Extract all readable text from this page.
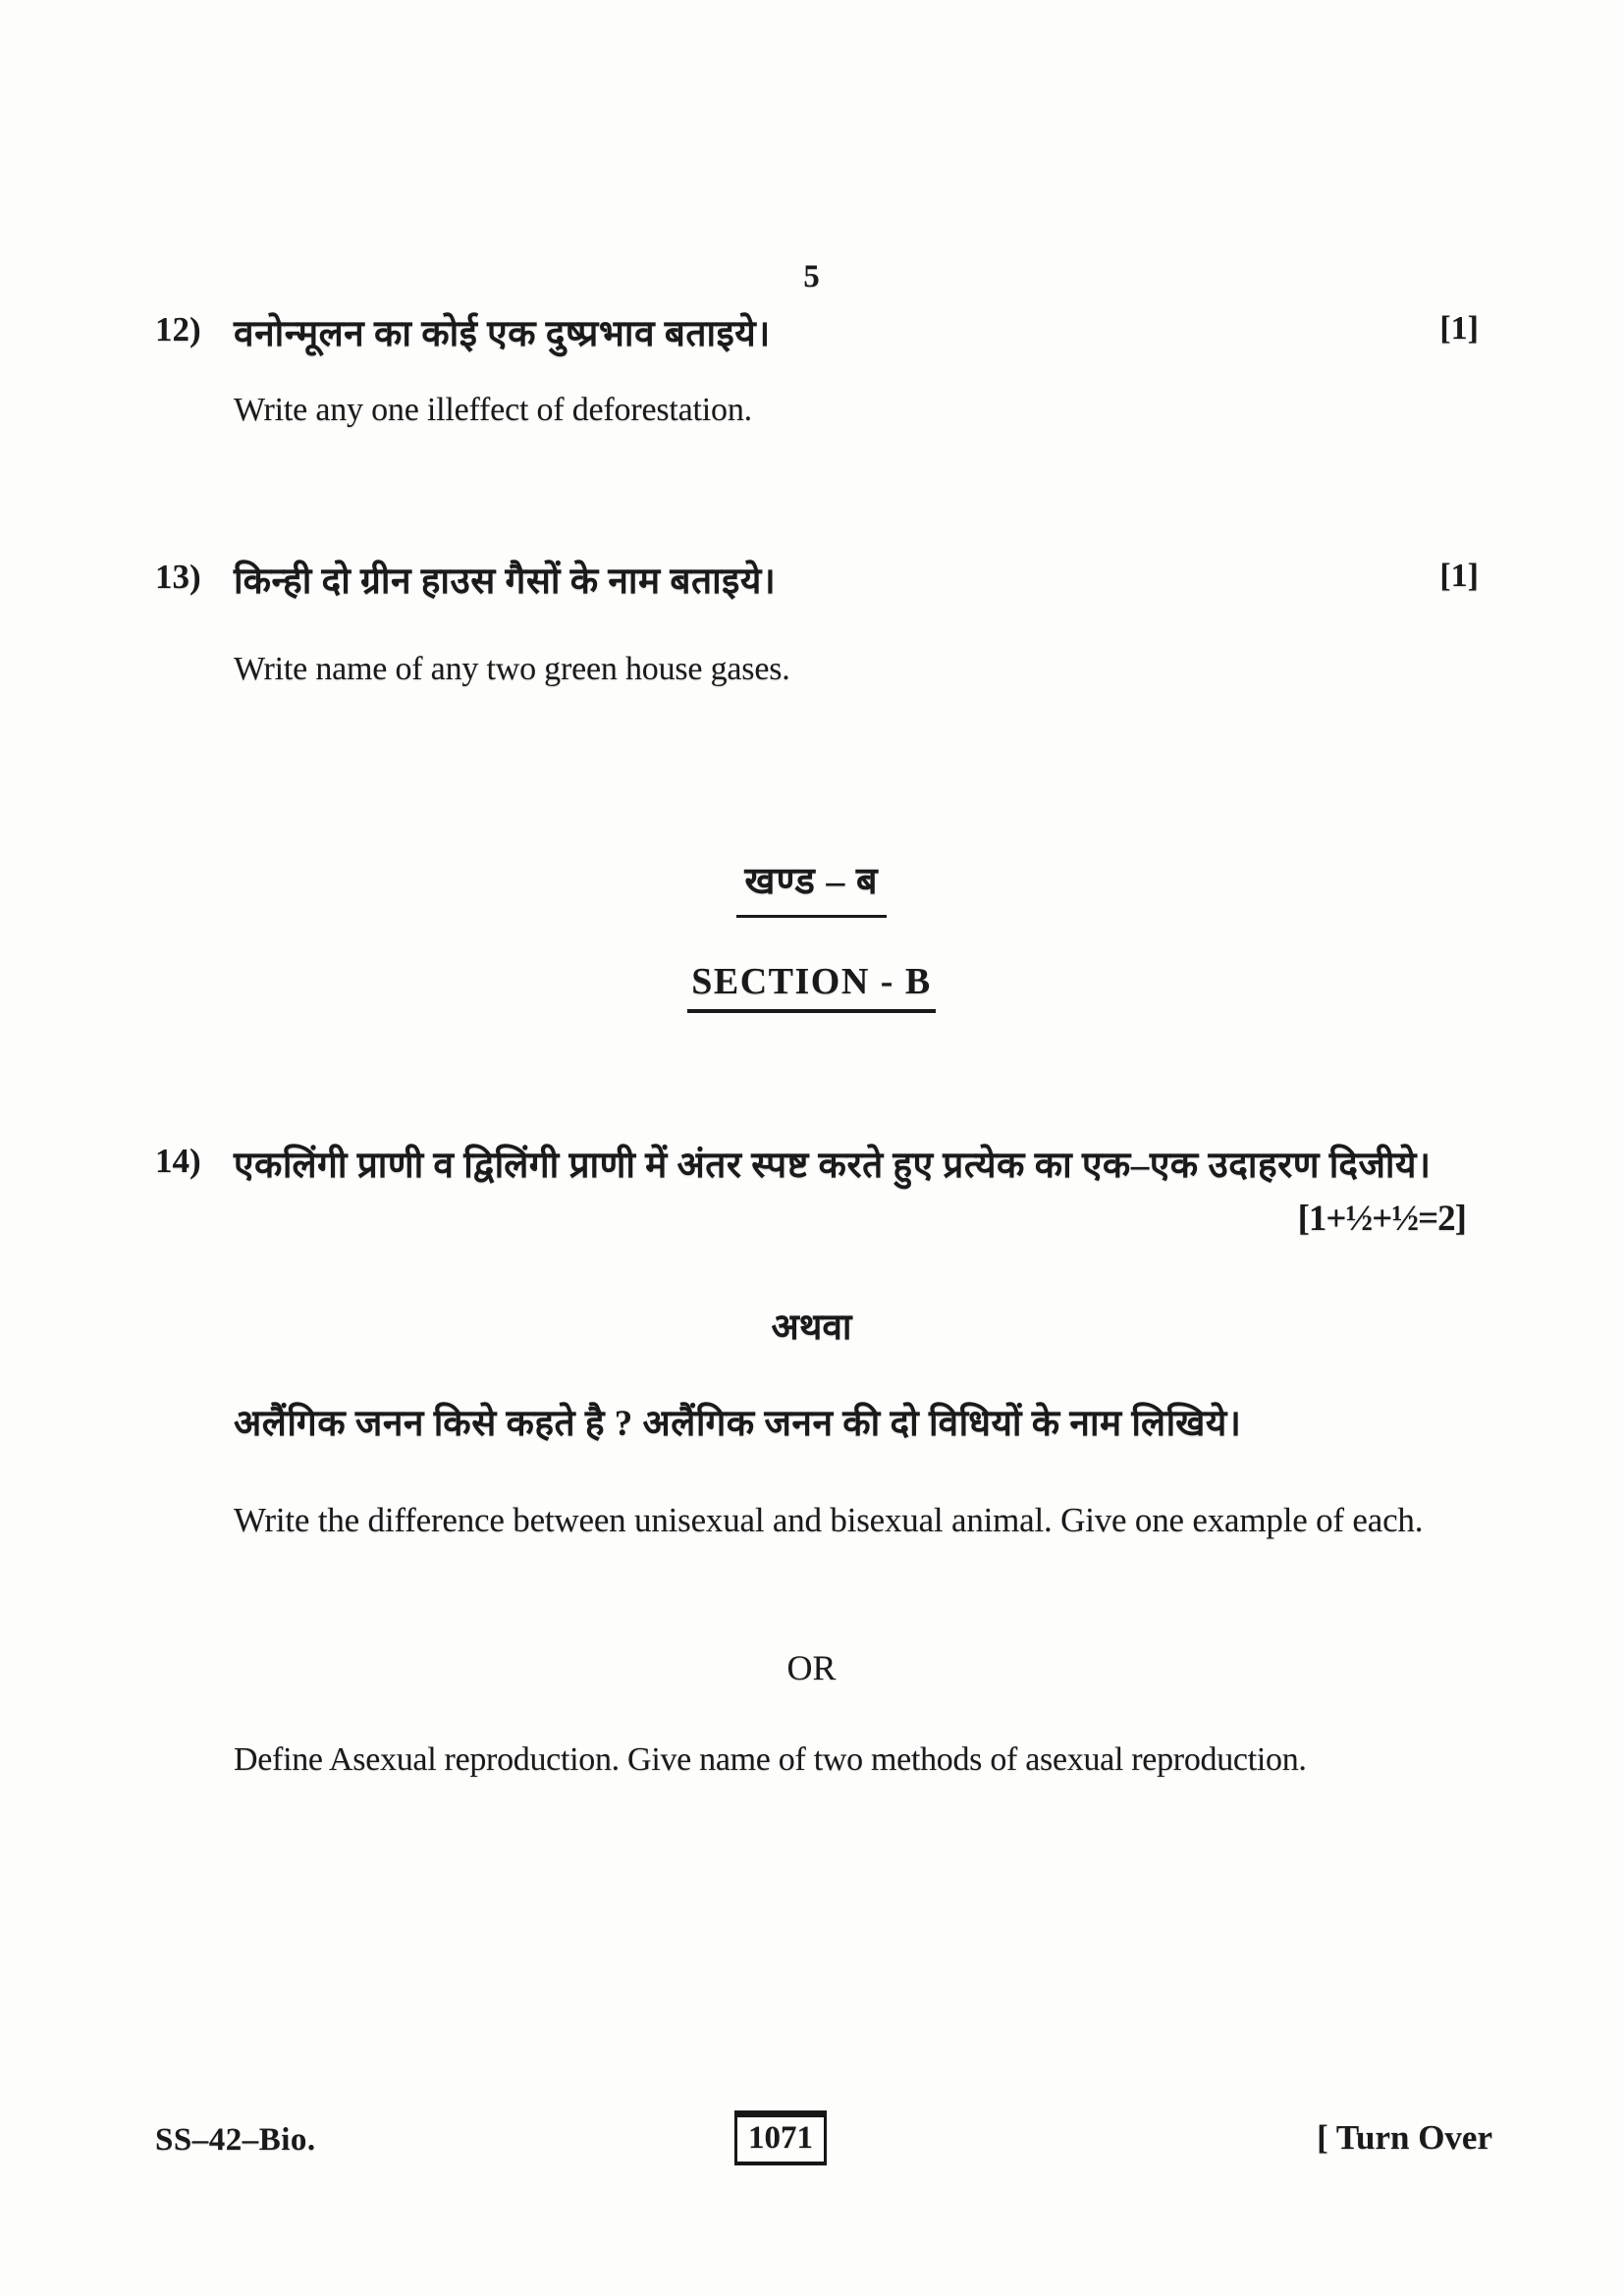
5
12) वनोन्मूलन का कोई एक दुष्प्रभाव बताइये।	[1]
Write any one illeffect of deforestation.
13) किन्ही दो ग्रीन हाउस गैसों के नाम बताइये।	[1]
Write name of any two green house gases.
खण्ड – ब
SECTION - B
14) एकलिंगी प्राणी व द्विलिंगी प्राणी में अंतर स्पष्ट करते हुए प्रत्येक का एक–एक उदाहरण दिजीये।
[1+½+½=2]
अथवा
अलैंगिक जनन किसे कहते है ? अलैंगिक जनन की दो विधियों के नाम लिखिये।
Write the difference between unisexual and bisexual animal. Give one example of each.
OR
Define Asexual reproduction. Give name of two methods of asexual reproduction.
SS–42–Bio.	1071	[ Turn Over
